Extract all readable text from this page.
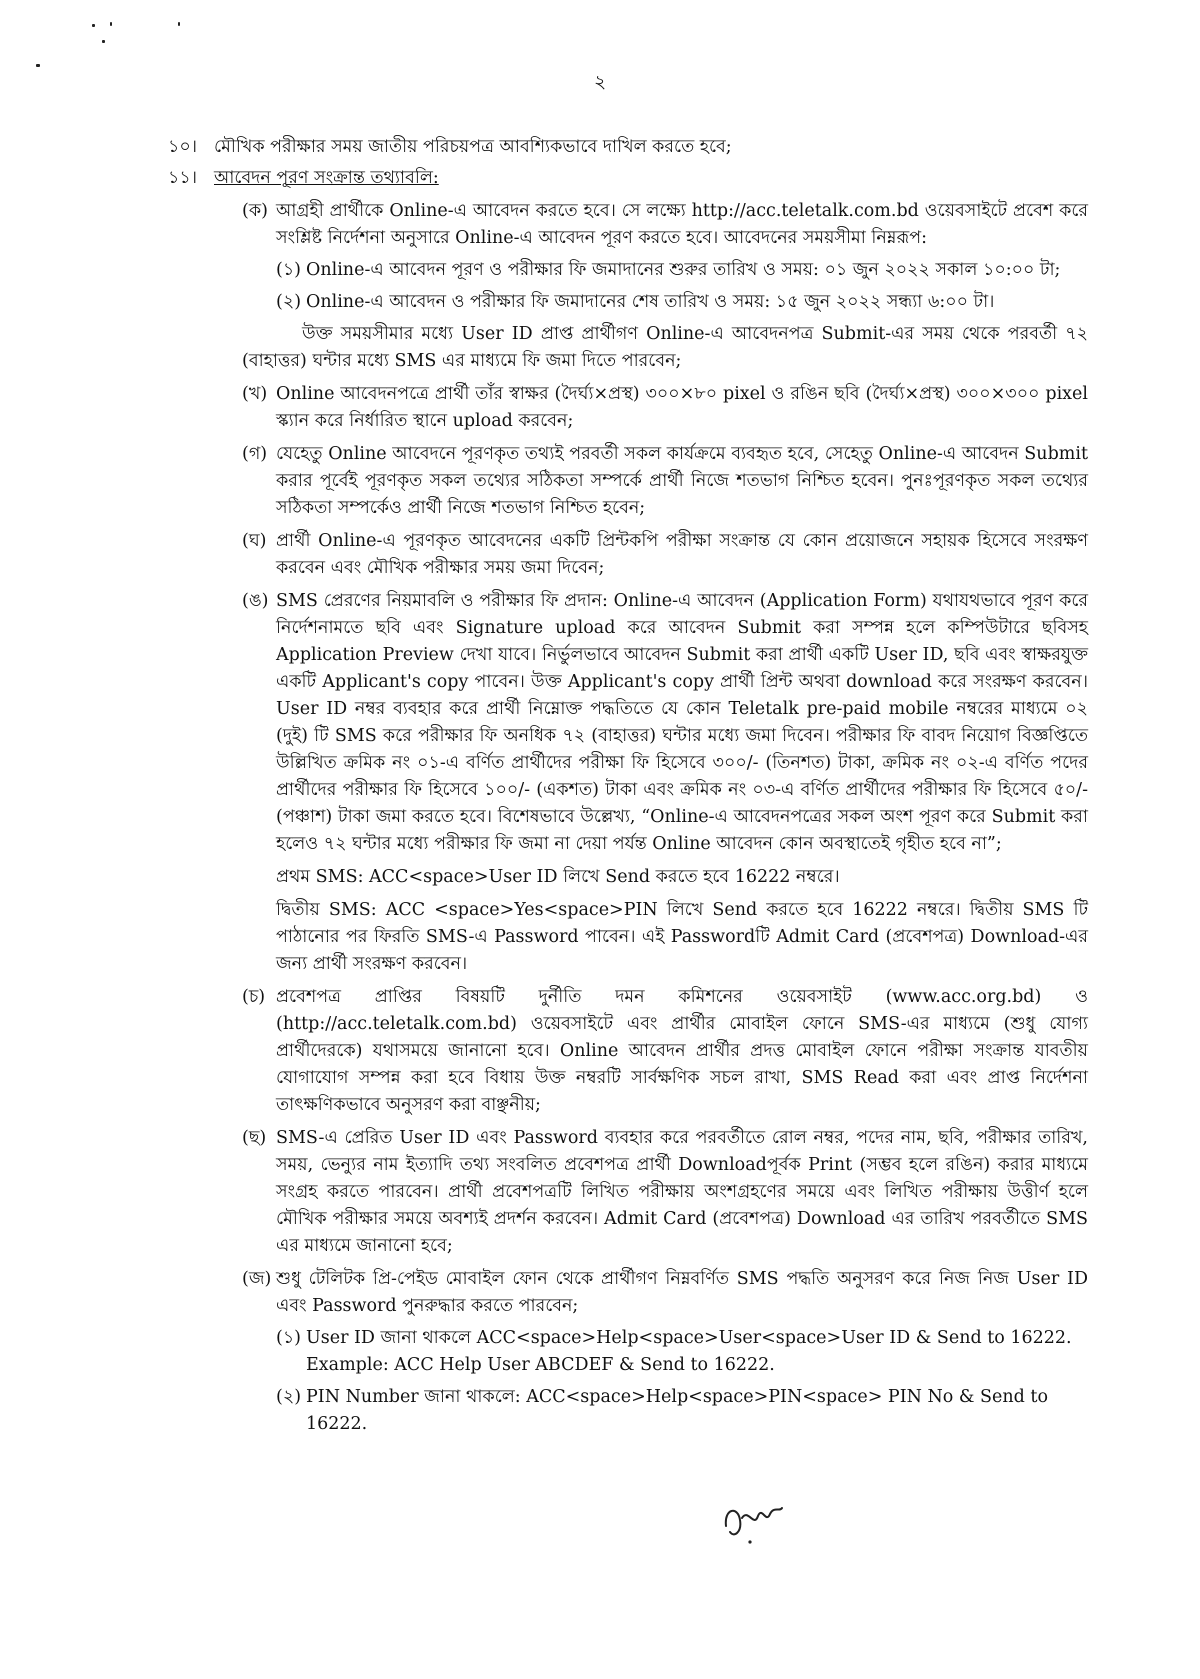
২
১০। মৌখিক পরীক্ষার সময় জাতীয় পরিচয়পত্র আবশ্যিকভাবে দাখিল করতে হবে;
১১। আবেদন পূরণ সংক্রান্ত তথ্যাবলি:
(ক) আগ্রহী প্রার্থীকে Online-এ আবেদন করতে হবে। সে লক্ষ্যে http://acc.teletalk.com.bd ওয়েবসাইটে প্রবেশ করে সংশ্লিষ্ট নির্দেশনা অনুসারে Online-এ আবেদন পূরণ করতে হবে। আবেদনের সময়সীমা নিম্নরূপ:
(১) Online-এ আবেদন পূরণ ও পরীক্ষার ফি জমাদানের শুরুর তারিখ ও সময়: ০১ জুন ২০২২ সকাল ১০:০০ টা;
(২) Online-এ আবেদন ও পরীক্ষার ফি জমাদানের শেষ তারিখ ও সময়: ১৫ জুন ২০২২ সন্ধ্যা ৬:০০ টা।
উক্ত সময়সীমার মধ্যে User ID প্রাপ্ত প্রার্থীগণ Online-এ আবেদনপত্র Submit-এর সময় থেকে পরবর্তী ৭২ (বাহাত্তর) ঘন্টার মধ্যে SMS এর মাধ্যমে ফি জমা দিতে পারবেন;
(খ) Online আবেদনপত্রে প্রার্থী তাঁর স্বাক্ষর (দৈর্ঘ্য×প্রস্থ) ৩০০×৮০ pixel ও রঙিন ছবি (দৈর্ঘ্য×প্রস্থ) ৩০০×৩০০ pixel স্ক্যান করে নির্ধারিত স্থানে upload করবেন;
(গ) যেহেতু Online আবেদনে পূরণকৃত তথ্যই পরবর্তী সকল কার্যক্রমে ব্যবহৃত হবে, সেহেতু Online-এ আবেদন Submit করার পূর্বেই পূরণকৃত সকল তথ্যের সঠিকতা সম্পর্কে প্রার্থী নিজে শতভাগ নিশ্চিত হবেন। পুনঃপূরণকৃত সকল তথ্যের সঠিকতা সম্পর্কেও প্রার্থী নিজে শতভাগ নিশ্চিত হবেন;
(ঘ) প্রার্থী Online-এ পূরণকৃত আবেদনের একটি প্রিন্টকপি পরীক্ষা সংক্রান্ত যে কোন প্রয়োজনে সহায়ক হিসেবে সংরক্ষণ করবেন এবং মৌখিক পরীক্ষার সময় জমা দিবেন;
(ঙ) SMS প্রেরণের নিয়মাবলি ও পরীক্ষার ফি প্রদান: Online-এ আবেদন (Application Form) যথাযথভাবে পূরণ করে নির্দেশনামতে ছবি এবং Signature upload করে আবেদন Submit করা সম্পন্ন হলে কম্পিউটারে ছবিসহ Application Preview দেখা যাবে। নির্ভুলভাবে আবেদন Submit করা প্রার্থী একটি User ID, ছবি এবং স্বাক্ষরযুক্ত একটি Applicant's copy পাবেন। উক্ত Applicant's copy প্রার্থী প্রিন্ট অথবা download করে সংরক্ষণ করবেন। User ID নম্বর ব্যবহার করে প্রার্থী নিম্নোক্ত পদ্ধতিতে যে কোন Teletalk pre-paid mobile নম্বরের মাধ্যমে ০২ (দুই) টি SMS করে পরীক্ষার ফি অনধিক ৭২ (বাহাত্তর) ঘন্টার মধ্যে জমা দিবেন। পরীক্ষার ফি বাবদ নিয়োগ বিজ্ঞপ্তিতে উল্লিখিত ক্রমিক নং ০১-এ বর্ণিত প্রার্থীদের পরীক্ষা ফি হিসেবে ৩০০/- (তিনশত) টাকা, ক্রমিক নং ০২-এ বর্ণিত পদের প্রার্থীদের পরীক্ষার ফি হিসেবে ১০০/- (একশত) টাকা এবং ক্রমিক নং ০৩-এ বর্ণিত প্রার্থীদের পরীক্ষার ফি হিসেবে ৫০/- (পঞ্চাশ) টাকা জমা করতে হবে। বিশেষভাবে উল্লেখ্য, “Online-এ আবেদনপত্রের সকল অংশ পূরণ করে Submit করা হলেও ৭২ ঘন্টার মধ্যে পরীক্ষার ফি জমা না দেয়া পর্যন্ত Online আবেদন কোন অবস্থাতেই গৃহীত হবে না”;
প্রথম SMS: ACC<space>User ID লিখে Send করতে হবে 16222 নম্বরে।
দ্বিতীয় SMS: ACC <space>Yes<space>PIN লিখে Send করতে হবে 16222 নম্বরে। দ্বিতীয় SMS টি পাঠানোর পর ফিরতি SMS-এ Password পাবেন। এই Passwordটি Admit Card (প্রবেশপত্র) Download-এর জন্য প্রার্থী সংরক্ষণ করবেন।
(চ) প্রবেশপত্র প্রাপ্তির বিষয়টি দুর্নীতি দমন কমিশনের ওয়েবসাইট (www.acc.org.bd) ও (http://acc.teletalk.com.bd) ওয়েবসাইটে এবং প্রার্থীর মোবাইল ফোনে SMS-এর মাধ্যমে (শুধু যোগ্য প্রার্থীদেরকে) যথাসময়ে জানানো হবে। Online আবেদন প্রার্থীর প্রদত্ত মোবাইল ফোনে পরীক্ষা সংক্রান্ত যাবতীয় যোগাযোগ সম্পন্ন করা হবে বিধায় উক্ত নম্বরটি সার্বক্ষণিক সচল রাখা, SMS Read করা এবং প্রাপ্ত নির্দেশনা তাৎক্ষণিকভাবে অনুসরণ করা বাঞ্ছনীয়;
(ছ) SMS-এ প্রেরিত User ID এবং Password ব্যবহার করে পরবর্তীতে রোল নম্বর, পদের নাম, ছবি, পরীক্ষার তারিখ, সময়, ভেন্যুর নাম ইত্যাদি তথ্য সংবলিত প্রবেশপত্র প্রার্থী Downloadপূর্বক Print (সম্ভব হলে রঙিন) করার মাধ্যমে সংগ্রহ করতে পারবেন। প্রার্থী প্রবেশপত্রটি লিখিত পরীক্ষায় অংশগ্রহণের সময়ে এবং লিখিত পরীক্ষায় উত্তীর্ণ হলে মৌখিক পরীক্ষার সময়ে অবশ্যই প্রদর্শন করবেন। Admit Card (প্রবেশপত্র) Download এর তারিখ পরবর্তীতে SMS এর মাধ্যমে জানানো হবে;
(জ) শুধু টেলিটক প্রি-পেইড মোবাইল ফোন থেকে প্রার্থীগণ নিম্নবর্ণিত SMS পদ্ধতি অনুসরণ করে নিজ নিজ User ID এবং Password পুনরুদ্ধার করতে পারবেন;
(১) User ID জানা থাকলে ACC<space>Help<space>User<space>User ID & Send to 16222.
Example: ACC Help User ABCDEF & Send to 16222.
(২) PIN Number জানা থাকলে: ACC<space>Help<space>PIN<space> PIN No & Send to 16222.
